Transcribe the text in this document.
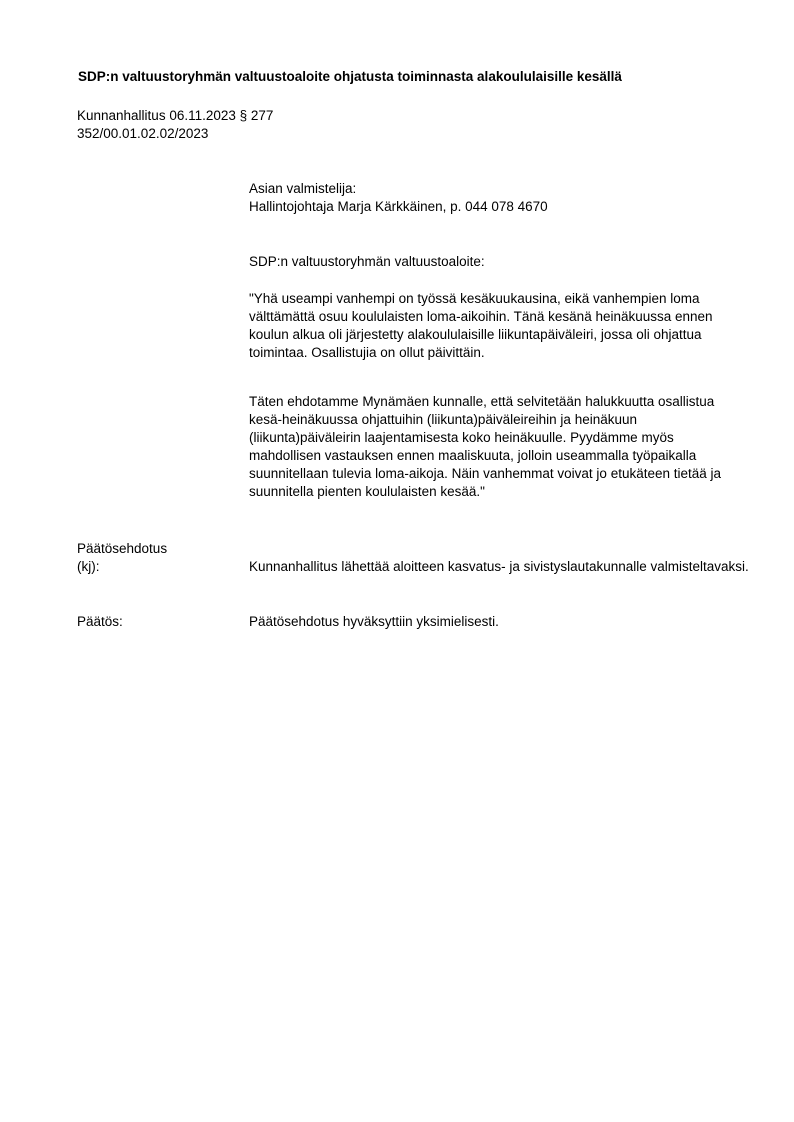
SDP:n valtuustoryhmän valtuustoaloite ohjatusta toiminnasta alakoululaisille kesällä
Kunnanhallitus 06.11.2023 § 277
352/00.01.02.02/2023
Asian valmistelija:
Hallintojohtaja Marja Kärkkäinen, p. 044 078 4670
SDP:n valtuustoryhmän valtuustoaloite:

"Yhä useampi vanhempi on työssä kesäkuukausina, eikä vanhempien loma välttämättä osuu koululaisten loma-aikoihin. Tänä kesänä heinäkuussa ennen koulun alkua oli järjestetty alakoululaisille liikuntapäiväleiri, jossa oli ohjattua toimintaa. Osallistujia on ollut päivittäin.

Täten ehdotamme Mynämäen kunnalle, että selvitetään halukkuutta osallistua kesä-heinäkuussa ohjattuihin (liikunta)päiväleireihin ja heinäkuun (liikunta)päiväleirin laajentamisesta koko heinäkuulle. Pyydämme myös mahdollisen vastauksen ennen maaliskuuta, jolloin useammalla työpaikalla suunnitellaan tulevia loma-aikoja. Näin vanhemmat voivat jo etukäteen tietää ja suunnitella pienten koululaisten kesää."

Päätösehdotus
(kj):	Kunnanhallitus lähettää aloitteen kasvatus- ja sivistyslautakunnalle valmisteltavaksi.
Päätös:	Päätösehdotus hyväksyttiin yksimielisesti.
